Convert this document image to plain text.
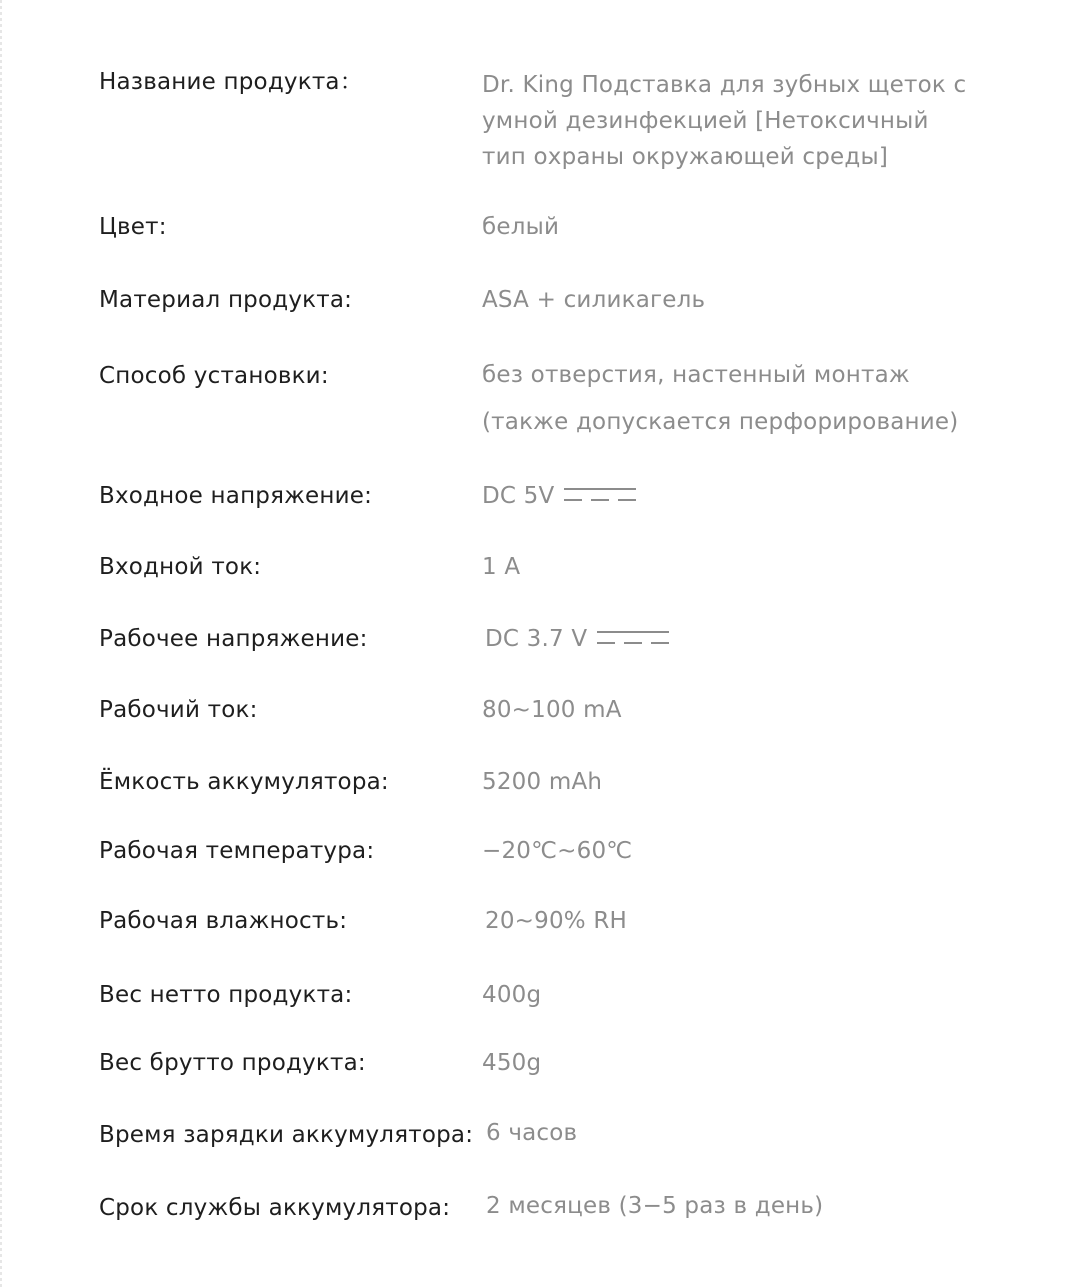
Название продукта：	Dr. King Подставка для зубных щеток с умной дезинфекцией [Нетоксичный тип охраны окружающей среды]
Цвет:	белый
Материал продукта:	ASA + силикагель
Способ установки:	без отверстия, настенный монтаж
(также допускается перфорирование)
Входное напряжение:	DC 5V
Входной ток:	1 A
Рабочее напряжение:	DC 3.7 V
Рабочий ток:	80~100 mA
Ёмкость аккумулятора:	5200 mAh
Рабочая температура:	−20℃~60℃
Рабочая влажность:	20~90% RH
Вес нетто продукта:	400g
Вес брутто продукта:	450g
Время зарядки аккумулятора: 6 часов
Срок службы аккумулятора: 2 месяцев (3−5 раз в день)
